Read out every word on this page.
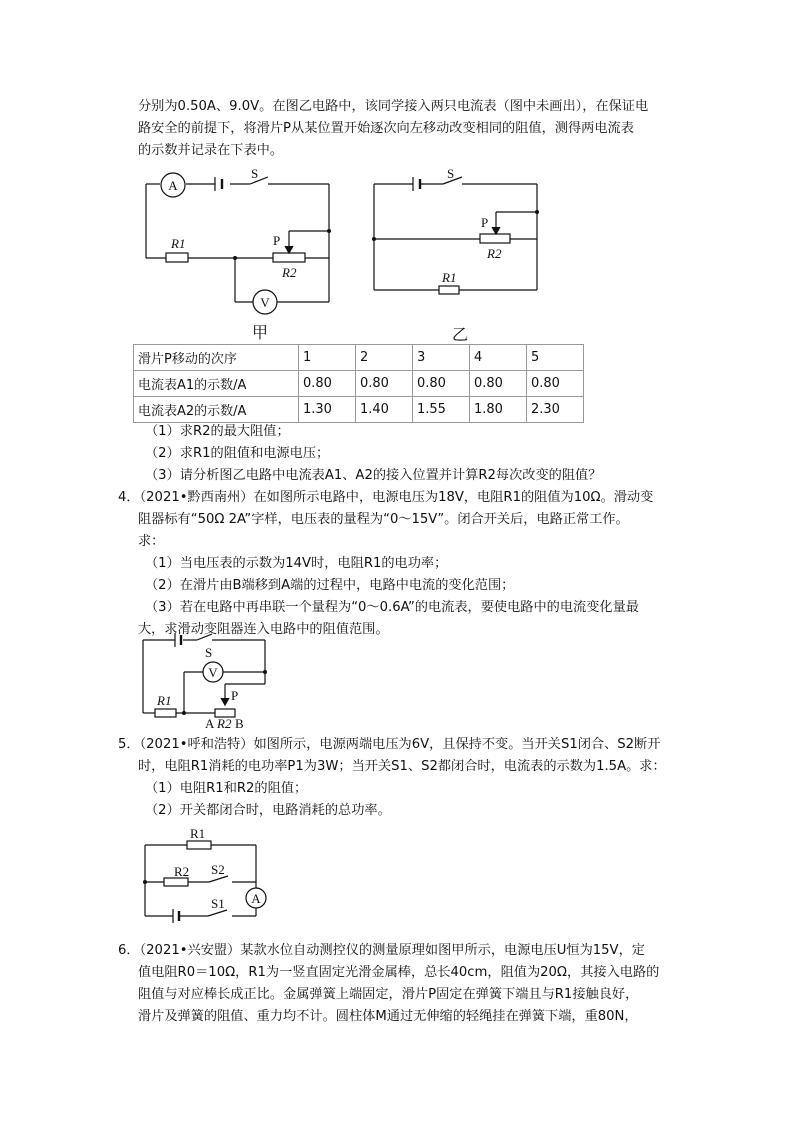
分别为0.50A、9.0V。在图乙电路中，该同学接入两只电流表（图中未画出），在保证电
路安全的前提下，将滑片P从某位置开始逐次向左移动改变相同的阻值，测得两电流表
的示数并记录在下表中。
A
V
S
P
R1
R2
甲
S
P
R2
R1
乙
滑片P移动的次序	1	2	3	4	5
电流表A1的示数/A	0.80	0.80	0.80	0.80	0.80
电流表A2的示数/A	1.30	1.40	1.55	1.80	2.30
（1）求R2的最大阻值；
（2）求R1的阻值和电源电压；
（3）请分析图乙电路中电流表A1、A2的接入位置并计算R2每次改变的阻值？
4．（2021•黔西南州）在如图所示电路中，电源电压为18V，电阻R1的阻值为10Ω。滑动变
阻器标有“50Ω 2A”字样，电压表的量程为“0～15V”。闭合开关后，电路正常工作。
求：
（1）当电压表的示数为14V时，电阻R1的电功率；
（2）在滑片由B端移到A端的过程中，电路中电流的变化范围；
（3）若在电路中再串联一个量程为“0～0.6A”的电流表，要使电路中的电流变化量最
大，求滑动变阻器连入电路中的阻值范围。
V
S
P
R1
A R2 B
5．（2021•呼和浩特）如图所示，电源两端电压为6V，且保持不变。当开关S1闭合、S2断开
时，电阻R1消耗的电功率P1为3W；当开关S1、S2都闭合时，电流表的示数为1.5A。求：
（1）电阻R1和R2的阻值；
（2）开关都闭合时，电路消耗的总功率。
A
R1
R2 S2
S1
6．（2021•兴安盟）某款水位自动测控仪的测量原理如图甲所示，电源电压U恒为15V，定
值电阻R0＝10Ω，R1为一竖直固定光滑金属棒，总长40cm，阻值为20Ω，其接入电路的
阻值与对应棒长成正比。金属弹簧上端固定，滑片P固定在弹簧下端且与R1接触良好，
滑片及弹簧的阻值、重力均不计。圆柱体M通过无伸缩的轻绳挂在弹簧下端，重80N，
